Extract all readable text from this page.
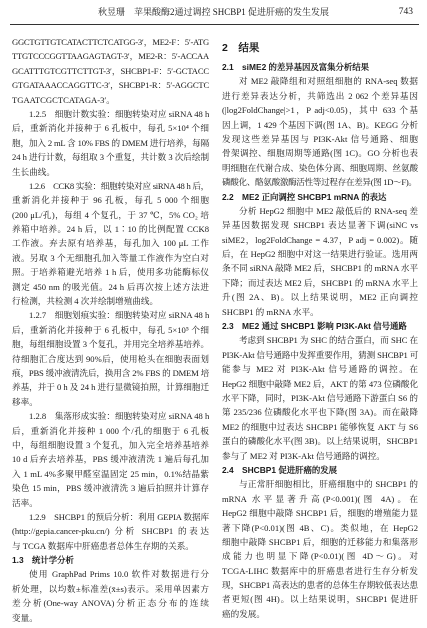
秋昱珊　苹果酸酶2通过调控 SHCBP1 促进肝癌的发生发展	743
GGCTGTTGTCATACTTCTCATGG-3′，ME2-F：5′-ATG
TTGTCCCGGTTAAGAGTAGT-3′，ME2-R：5′-ACCAA
GCATTTGTCGTTCTTGT-3′，SHCBP1-F：5′-GCTACC
GTGATAAACCAGGTTC-3′，SHCBP1-R：5′-AGGCTC
TGAATCGCTCATAGA-3′。
1.2.5　细胞计数实验：细胞转染对应 siRNA 48 h
后，重新消化并接种于 6 孔板中，每孔 5×10⁴ 个细
胞，加入 2 mL 含 10% FBS 的 DMEM 进行培养，每隔
24 h 进行计数，每组取 3 个重复，共计数 3 次后绘制
生长曲线。
1.2.6　CCK8 实验：细胞转染对应 siRNA 48 h 后，
重新消化并接种于 96 孔板，每孔 5 000 个细胞
(200 μL/孔)，每组 4 个复孔，于 37 ℃，5% CO₂ 培
养箱中培养。24 h 后，以 1∶10 的比例配置 CCK8
工作液。弃去原有培养基，每孔加入 100 μL 工作
液。另取 3 个无细胞孔加入等量工作液作为空白对
照。于培养箱避光培养 1 h 后，使用多功能酶标仪
测定 450 nm 的吸光值。24 h 后再次按上述方法进
行检测，共检测 4 次并绘制增殖曲线。
1.2.7　细胞划痕实验：细胞转染对应 siRNA 48 h
后，重新消化并接种于 6 孔板中，每孔 5×10⁵ 个细
胞，每组细胞设置 3 个复孔，并用完全培养基培养。
待细胞汇合度达到 90%后，使用枪头在细胞表面划
痕，PBS 缓冲液清洗后，换用含 2% FBS 的 DMEM 培
养基，并于 0 h 及 24 h 进行显微镜拍照，计算细胞迁
移率。
1.2.8　集落形成实验：细胞转染对应 siRNA 48 h
后，重新消化并接种 1 000 个/孔的细胞于 6 孔板
中，每组细胞设置 3 个复孔，加入完全培养基培养
10 d 后弃去培养基，PBS 缓冲液清洗 1 遍后每孔加
入 1 mL 4%多聚甲醛室温固定 25 min，0.1%结晶紫
染色 15 min，PBS 缓冲液清洗 3 遍后拍照并计算存
活率。
1.2.9　SHCBP1 的预后分析：利用 GEPIA 数据库
(http://gepia.cancer-pku.cn/) 分析 SHCBP1 的表达
与 TCGA 数据库中肝癌患者总体生存期的关系。
1.3　统计学分析
使用 GraphPad Prims 10.0 软件对数据进行分
析处理，以均数±标准差(x̄±s)表示。采用单因素方
差分析(One-way ANOVA)分析正态分布的连续
变量。
2　结果
2.1　siME2 的差异基因及富集分析结果
对 ME2 敲降组和对照组细胞的 RNA-seq 数据
进行差异表达分析，共筛选出 2 062 个差异基因
(|log2FoldChange|>1，P adj<0.05)，其中 633 个基
因上调，1 429 个基因下调(图 1A、B)。KEGG 分析
发现这些差异基因与 PI3K-Akt 信号通路、细胞
骨架调控、细胞周期等通路(图 1C)。GO 分析也表
明细胞在代谢合成、染色体分离、细胞周期、丝氨酸
磷酸化、酪氨酸激酶活性等过程存在差异(图 1D～F)。
2.2　ME2 正向调控 SHCBP1 mRNA 的表达
分析 HepG2 细胞中 ME2 敲低后的 RNA-seq 差
异基因数据发现 SHCBP1 表达显著下调(siNC vs
siME2，log2FoldChange = 4.37，P adj = 0.002)。随
后，在 HepG2 细胞中对这一结果进行验证。选用两
条不同 siRNA 敲降 ME2 后，SHCBP1 的 mRNA 水平
下降；而过表达 ME2 后，SHCBP1 的 mRNA 水平上
升(图 2A、B)。以上结果说明，ME2 正向调控
SHCBP1 的 mRNA 水平。
2.3　ME2 通过 SHCBP1 影响 PI3K-Akt 信号通路
考虑到 SHCBP1 为 SHC 的结合蛋白，而 SHC 在
PI3K-Akt 信号通路中发挥重要作用，猜测 SHCBP1 可
能参与 ME2 对 PI3K-Akt 信号通路的调控。在
HepG2 细胞中敲降 ME2 后，AKT 的第 473 位磷酸化
水平下降，同时，PI3K-Akt 信号通路下游蛋白 S6 的
第 235/236 位磷酸化水平也下降(图 3A)。而在敲降
ME2 的细胞中过表达 SHCBP1 能够恢复 AKT 与 S6
蛋白的磷酸化水平(图 3B)。以上结果说明，SHCBP1
参与了 ME2 对 PI3K-Akt 信号通路的调控。
2.4　SHCBP1 促进肝癌的发展
与正常肝细胞相比，肝癌细胞中的 SHCBP1 的
mRNA 水平显著升高(P<0.001)(图 4A)。在
HepG2 细胞中敲降 SHCBP1 后，细胞的增殖能力显
著下降(P<0.01)(图 4B、C)。类似地，在 HepG2
细胞中敲降 SHCBP1 后，细胞的迁移能力和集落形
成能力也明显下降(P<0.01)(图 4D～G)。对
TCGA-LIHC 数据库中的肝癌患者进行生存分析发
现，SHCBP1 高表达的患者的总体生存期较低表达患
者更短(图 4H)。以上结果说明，SHCBP1 促进肝
癌的发展。
